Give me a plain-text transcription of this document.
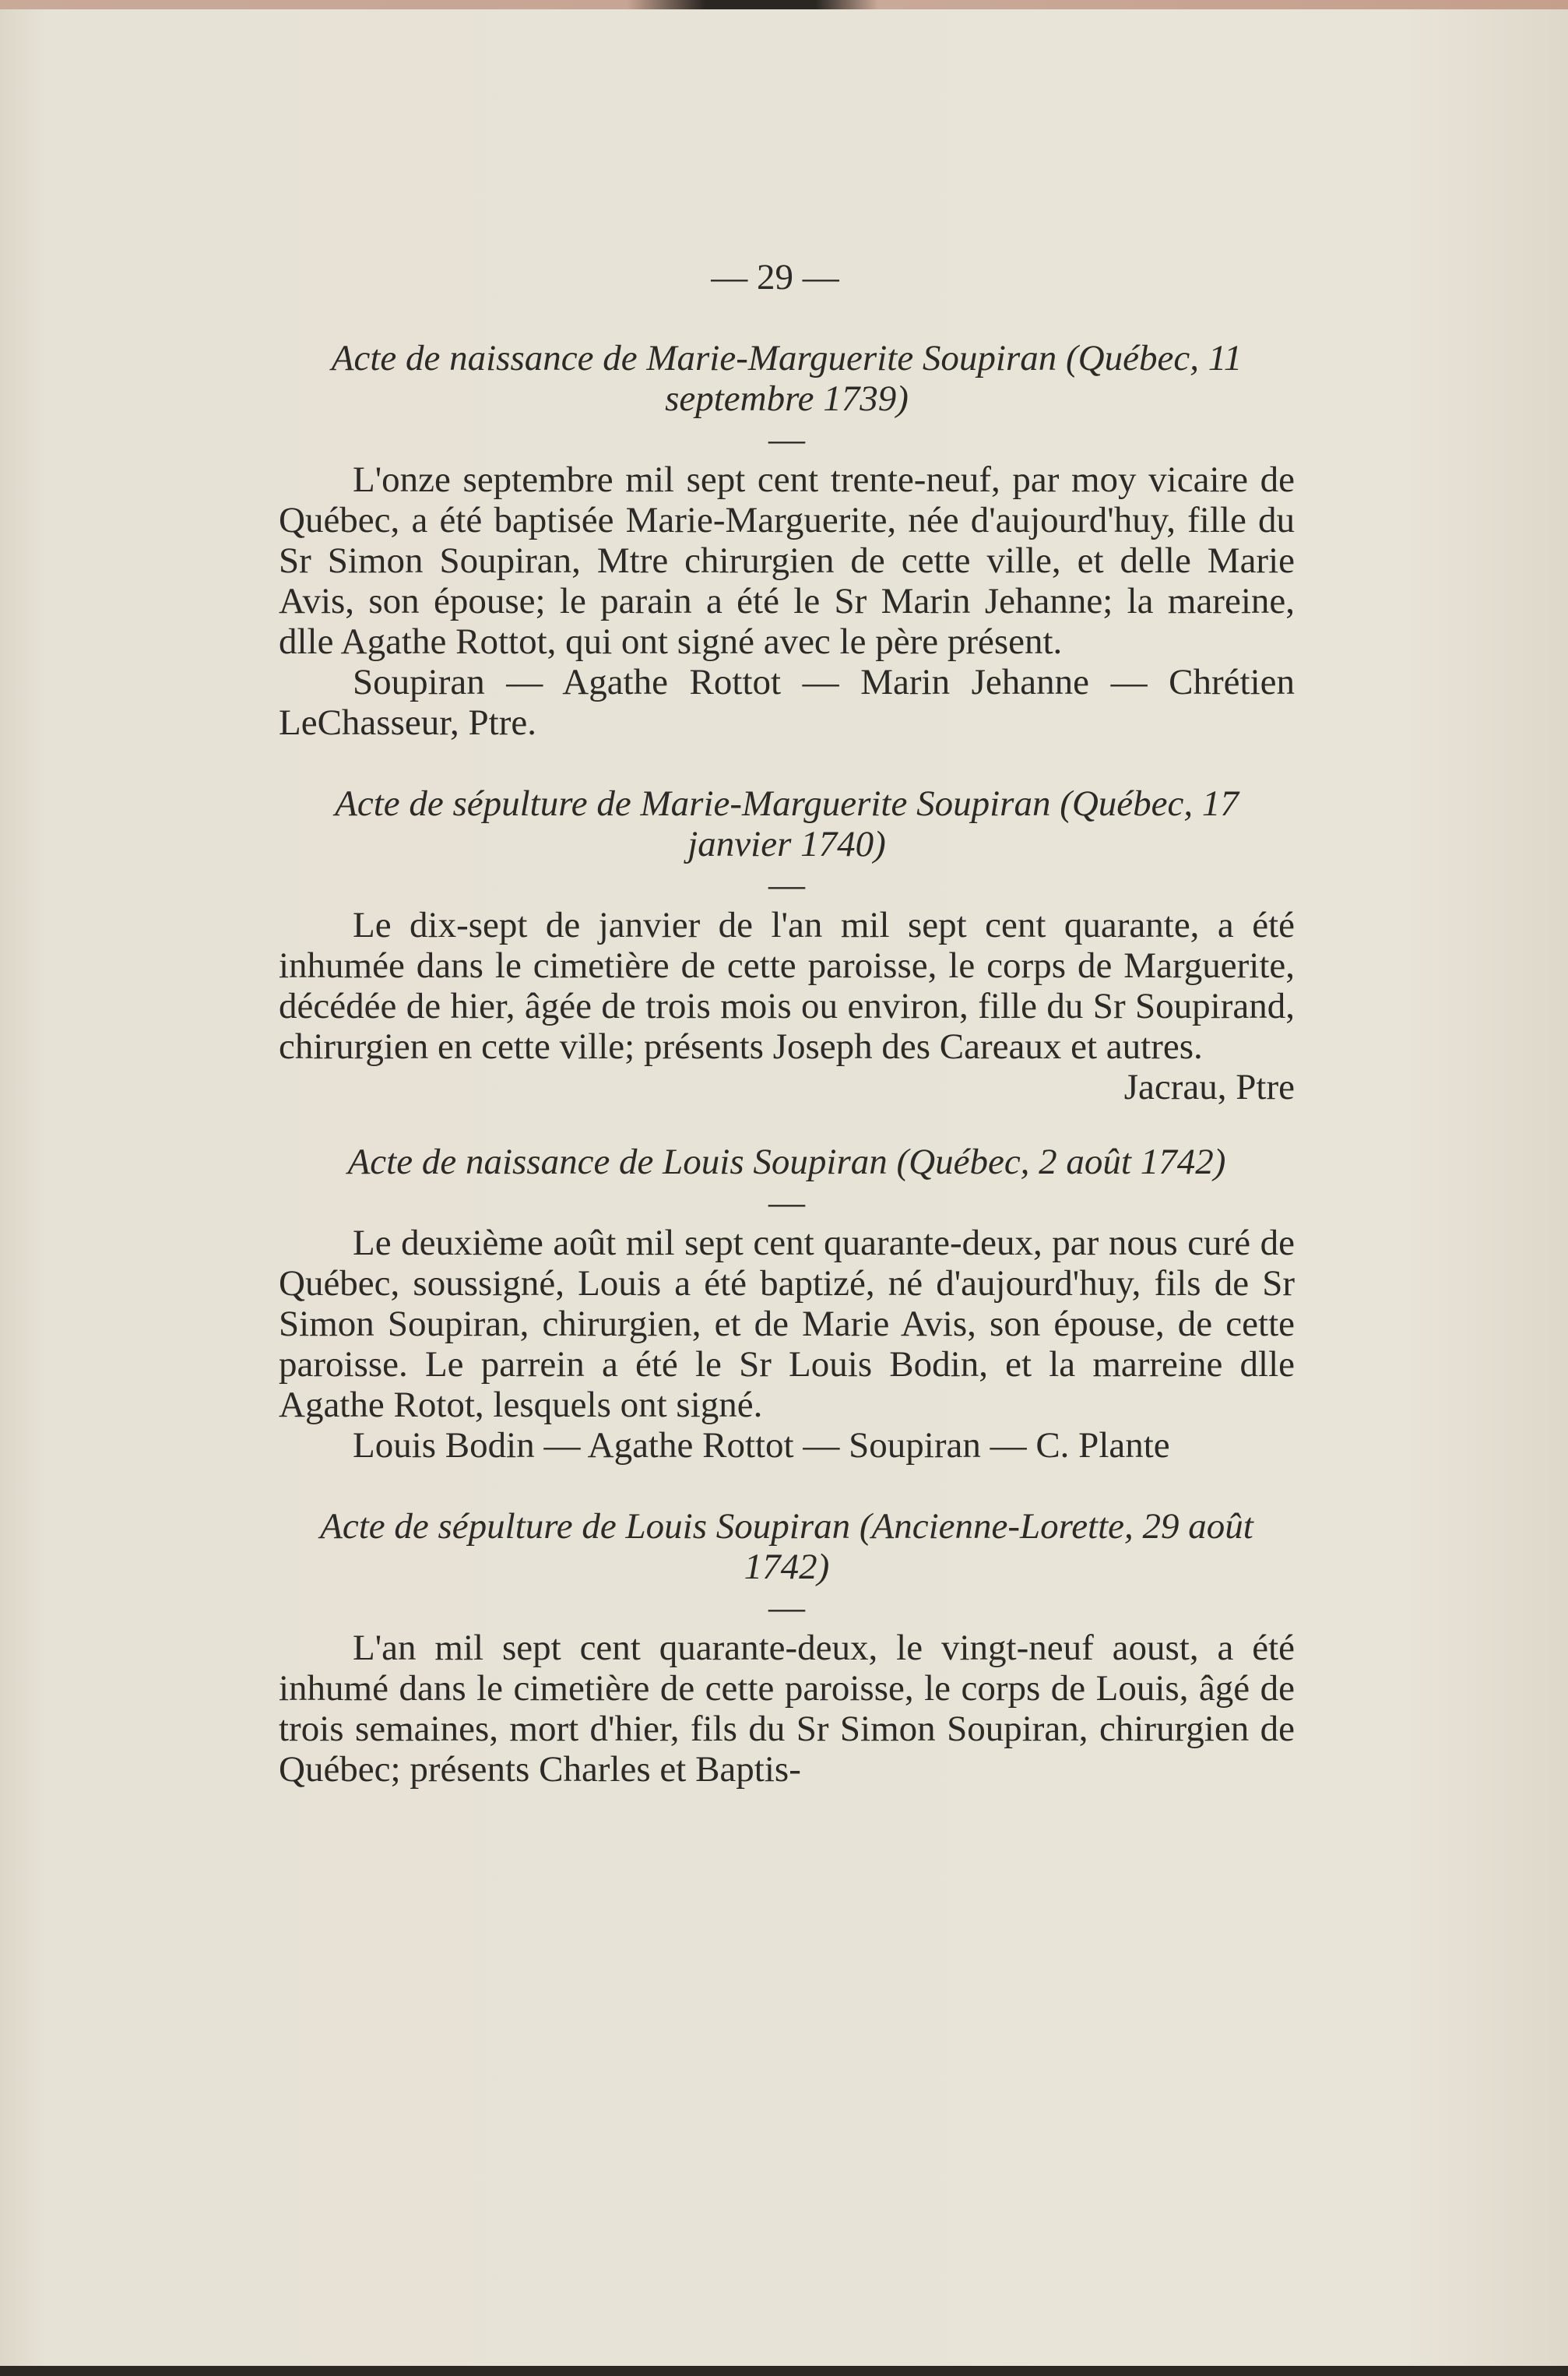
— 29 —

Acte de naissance de Marie-Marguerite Soupiran (Québec, 11 septembre 1739)

—

L'onze septembre mil sept cent trente-neuf, par moy vicaire de Québec, a été baptisée Marie-Marguerite, née d'aujourd'huy, fille du Sr Simon Soupiran, Mtre chirurgien de cette ville, et delle Marie Avis, son épouse; le parain a été le Sr Marin Jehanne; la mareine, dlle Agathe Rottot, qui ont signé avec le père présent.

Soupiran — Agathe Rottot — Marin Jehanne — Chrétien LeChasseur, Ptre.

Acte de sépulture de Marie-Marguerite Soupiran (Québec, 17 janvier 1740)

—

Le dix-sept de janvier de l'an mil sept cent quarante, a été inhumée dans le cimetière de cette paroisse, le corps de Marguerite, décédée de hier, âgée de trois mois ou environ, fille du Sr Soupirand, chirurgien en cette ville; présents Joseph des Careaux et autres.

Jacrau, Ptre

Acte de naissance de Louis Soupiran (Québec, 2 août 1742)

—

Le deuxième août mil sept cent quarante-deux, par nous curé de Québec, soussigné, Louis a été baptizé, né d'aujourd'huy, fils de Sr Simon Soupiran, chirurgien, et de Marie Avis, son épouse, de cette paroisse. Le parrein a été le Sr Louis Bodin, et la marreine dlle Agathe Rotot, lesquels ont signé.

Louis Bodin — Agathe Rottot — Soupiran — C. Plante

Acte de sépulture de Louis Soupiran (Ancienne-Lorette, 29 août 1742)

—

L'an mil sept cent quarante-deux, le vingt-neuf aoust, a été inhumé dans le cimetière de cette paroisse, le corps de Louis, âgé de trois semaines, mort d'hier, fils du Sr Simon Soupiran, chirurgien de Québec; présents Charles et Baptis-
